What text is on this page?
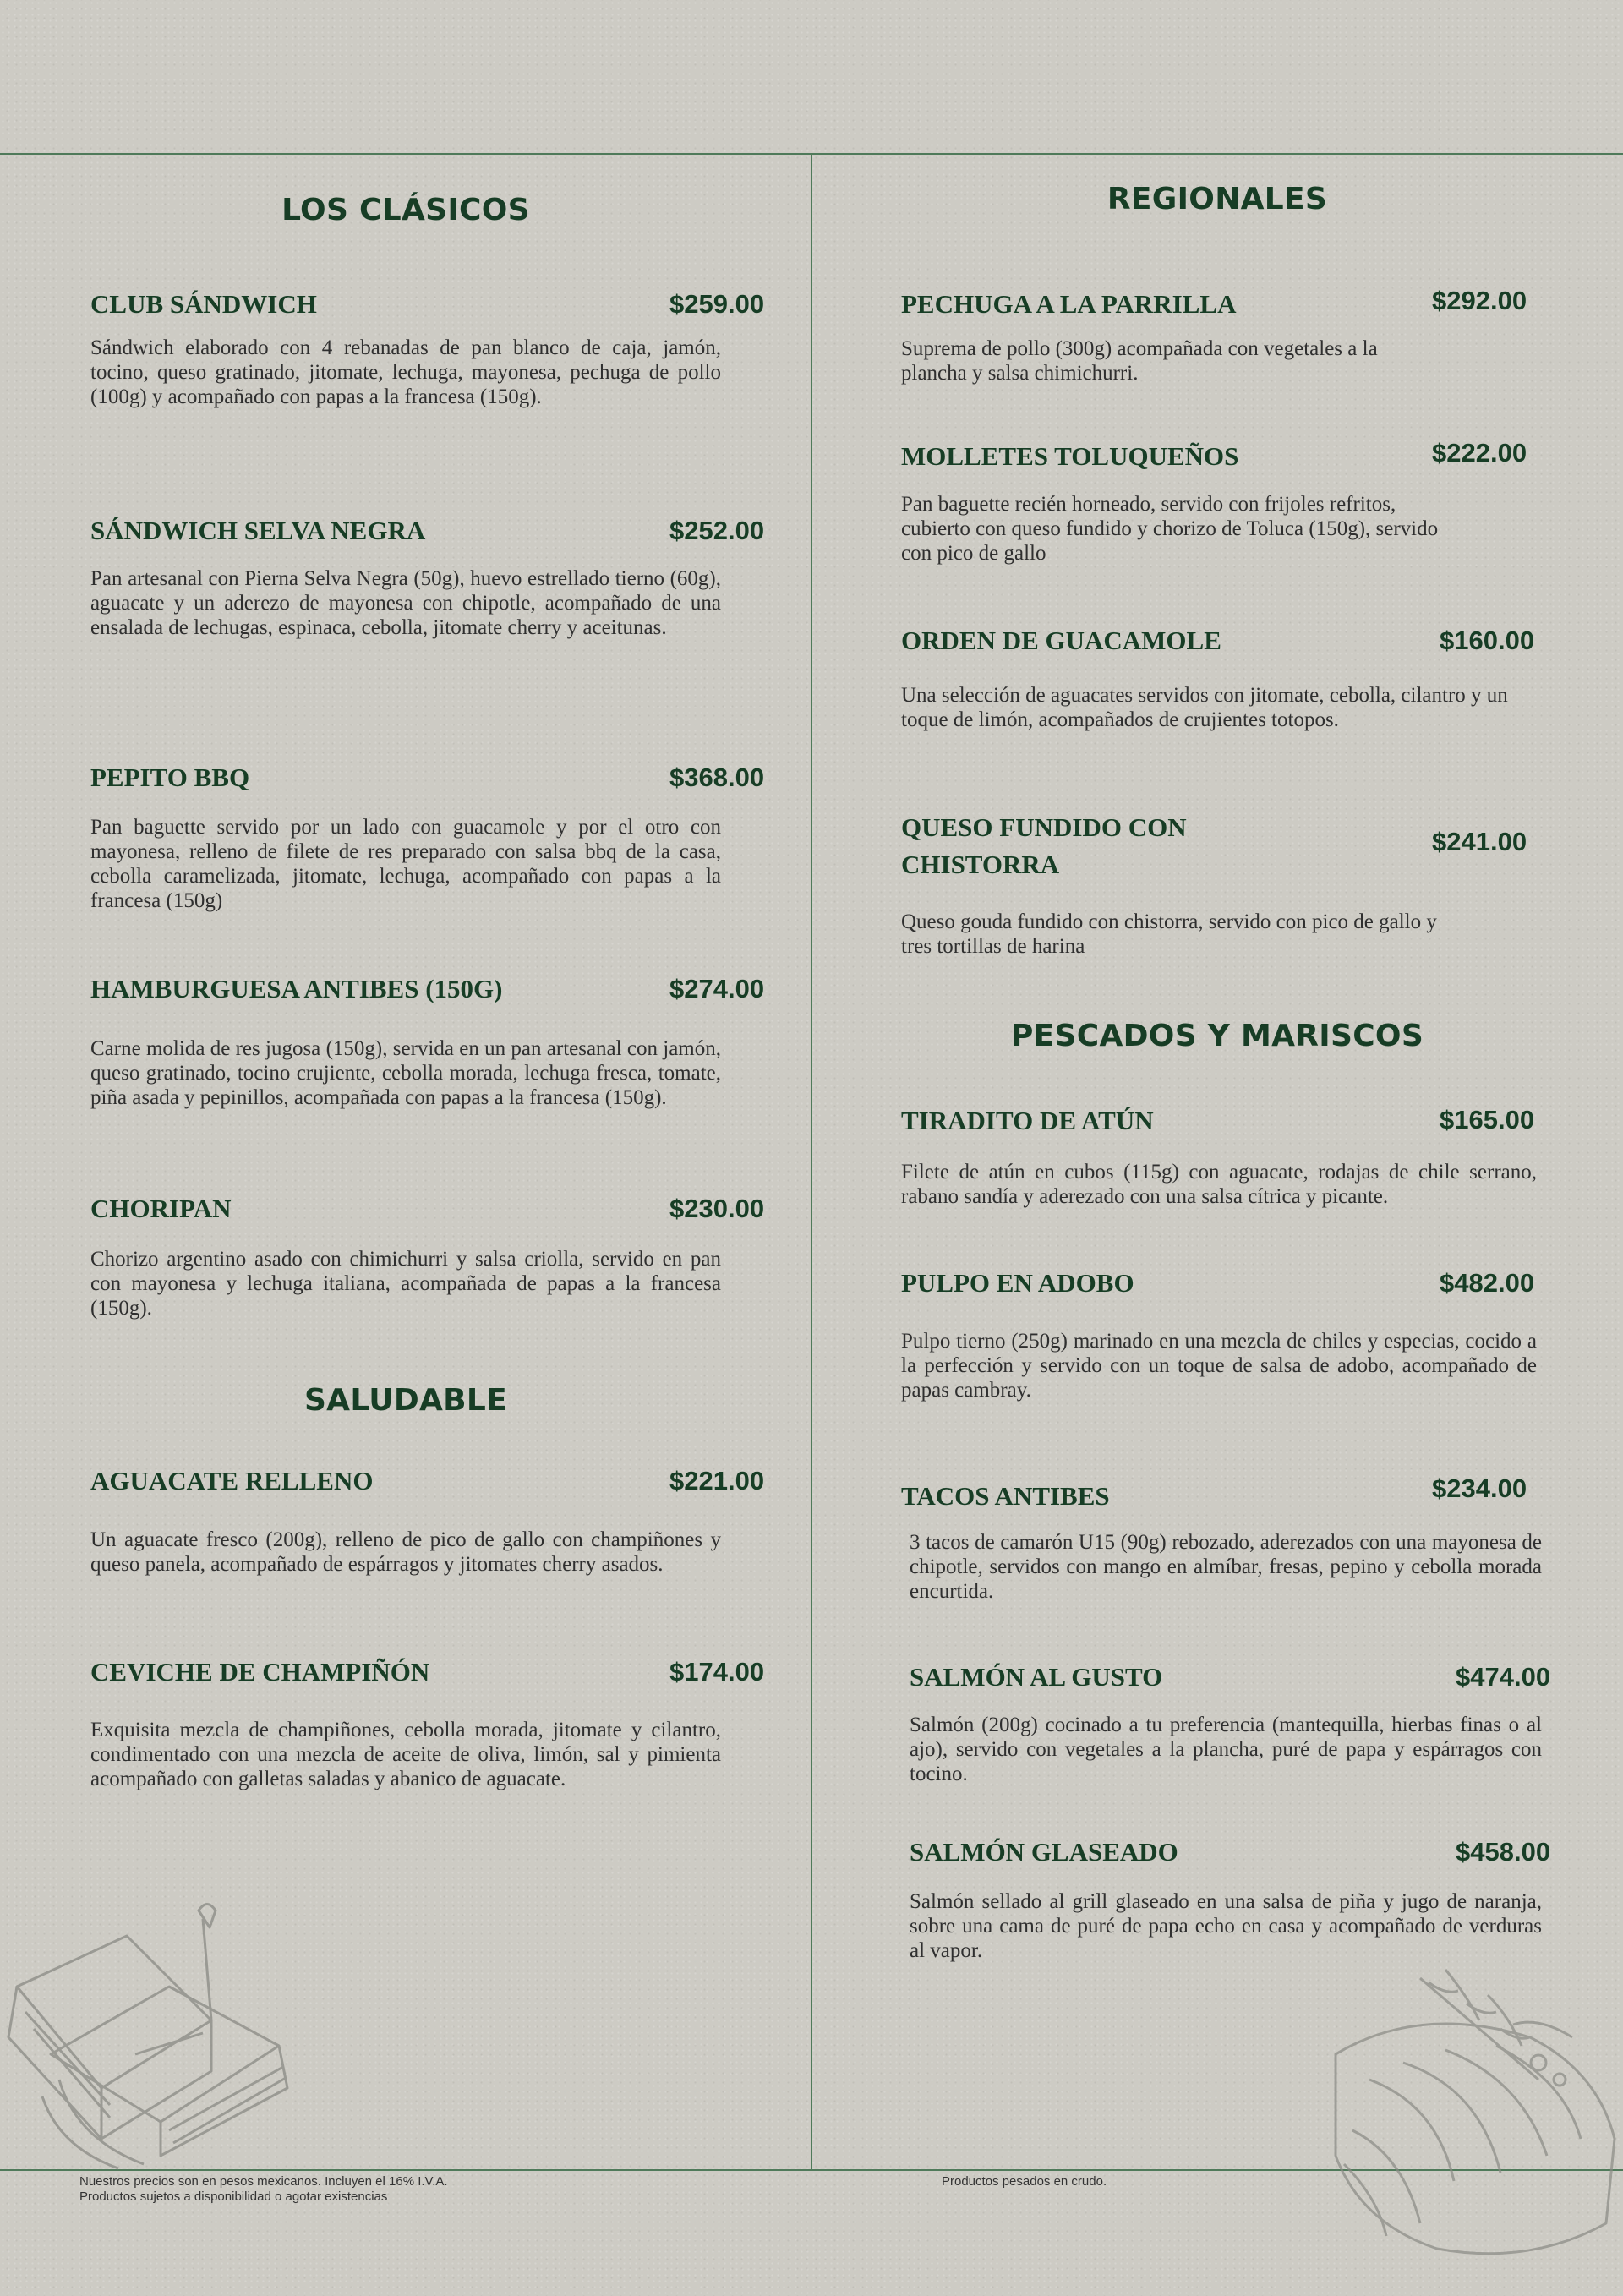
LOS CLÁSICOS
CLUB SÁNDWICH	$259.00

Sándwich elaborado con 4 rebanadas de pan blanco de caja, jamón, tocino, queso gratinado, jitomate, lechuga, mayonesa, pechuga de pollo (100g) y acompañado con papas a la francesa (150g).

SÁNDWICH SELVA NEGRA	$252.00

Pan artesanal con Pierna Selva Negra (50g), huevo estrellado tierno (60g), aguacate y un aderezo de mayonesa con chipotle, acompañado de una ensalada de lechugas, espinaca, cebolla, jitomate cherry y aceitunas.

PEPITO BBQ	$368.00

Pan baguette servido por un lado con guacamole y por el otro con mayonesa, relleno de filete de res preparado con salsa bbq de la casa, cebolla caramelizada, jitomate, lechuga, acompañado con papas a la francesa (150g)

HAMBURGUESA ANTIBES (150G)	$274.00

Carne molida de res jugosa (150g), servida en un pan artesanal con jamón, queso gratinado, tocino crujiente, cebolla morada, lechuga fresca, tomate, piña asada y pepinillos, acompañada con papas a la francesa (150g).

CHORIPAN	$230.00

Chorizo argentino asado con chimichurri y salsa criolla, servido en pan con mayonesa y lechuga italiana, acompañada de papas a la francesa (150g).

SALUDABLE
AGUACATE RELLENO	$221.00

Un aguacate fresco (200g), relleno de pico de gallo con champiñones y queso panela, acompañado de espárragos y jitomates cherry asados.

CEVICHE DE CHAMPIÑÓN	$174.00

Exquisita mezcla de champiñones, cebolla morada, jitomate y cilantro, condimentado con una mezcla de aceite de oliva, limón, sal y pimienta acompañado con galletas saladas y abanico de aguacate.

Nuestros precios son en pesos mexicanos. Incluyen el 16% I.V.A.
Productos sujetos a disponibilidad o agotar existencias
REGIONALES
PECHUGA A LA PARRILLA	$292.00

Suprema de pollo (300g) acompañada con vegetales a la plancha y salsa chimichurri.

MOLLETES TOLUQUEÑOS	$222.00

Pan baguette recién horneado, servido con frijoles refritos, cubierto con queso fundido y chorizo de Toluca (150g), servido con pico de gallo

ORDEN DE GUACAMOLE	$160.00

Una selección de aguacates servidos con jitomate, cebolla, cilantro y un toque de limón, acompañados de crujientes totopos.

QUESO FUNDIDO CON CHISTORRA
$241.00

Queso gouda fundido con chistorra, servido con pico de gallo y tres tortillas de harina

PESCADOS Y MARISCOS
TIRADITO DE ATÚN	$165.00

Filete de atún en cubos (115g) con aguacate, rodajas de chile serrano, rabano sandía y aderezado con una salsa cítrica y picante.

PULPO EN ADOBO	$482.00

Pulpo tierno (250g) marinado en una mezcla de chiles y especias, cocido a la perfección y servido con un toque de salsa de adobo, acompañado de papas cambray.

TACOS ANTIBES	$234.00

3 tacos de camarón U15 (90g) rebozado, aderezados con una mayonesa de chipotle, servidos con mango en almíbar, fresas, pepino y cebolla morada encurtida.

SALMÓN AL GUSTO	$474.00

Salmón (200g) cocinado a tu preferencia (mantequilla, hierbas finas o al ajo), servido con vegetales a la plancha, puré de papa y espárragos con tocino.

SALMÓN GLASEADO	$458.00

Salmón sellado al grill glaseado en una salsa de piña y jugo de naranja, sobre una cama de puré de papa echo en casa y acompañado de verduras al vapor.

Productos pesados en crudo.
